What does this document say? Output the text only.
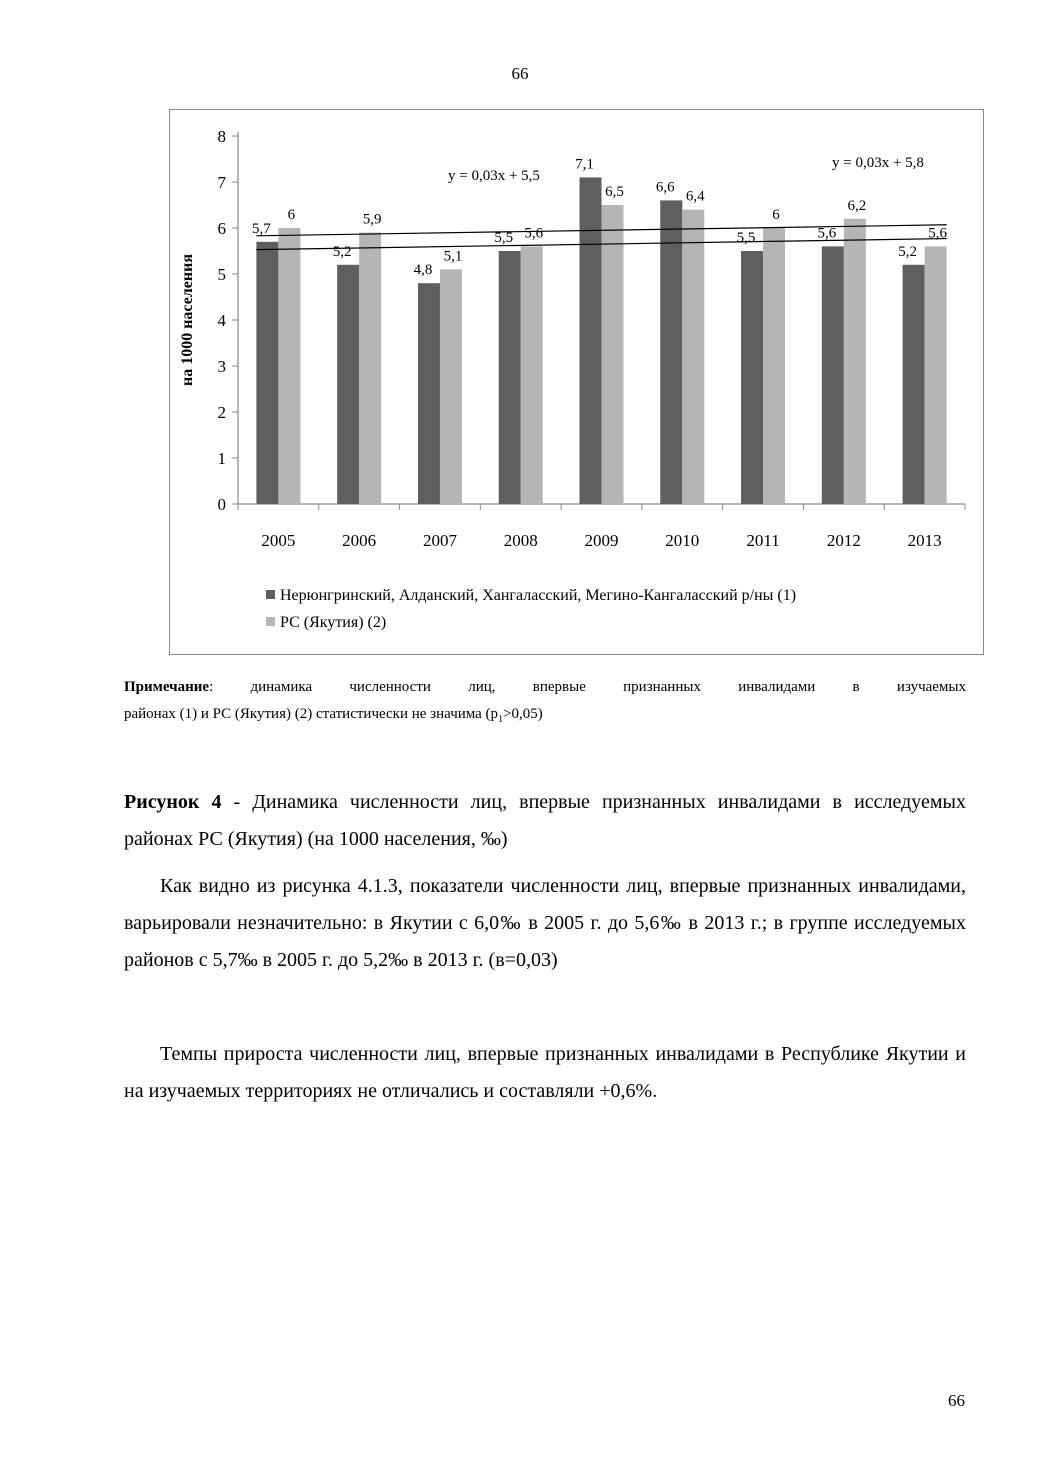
66
0
1
2
3
4
5
6
7
8
на 1000 населения
y = 0,03x + 5,5
y = 0,03x + 5,8
5,7
5,2
4,8
5,5
7,1
6,6
5,5	5,6
5,2
6	5,9
5,1
5,6
6,5	6,4
6
6,2
5,6
2005	2006	2007	2008	2009	2010	2011	2012	2013
Нерюнгринский, Алданский, Хангаласский, Мегино-Кангаласский р/ны (1)
РС (Якутия) (2)
Примечание: динамика численности лиц, впервые признанных инвалидами в изучаемых
районах (1) и РС (Якутия) (2) статистически не значима $(р_1>0,05)$
Рисунок 4 - Динамика численности лиц, впервые признанных инвалидами в исследуемых районах РС (Якутия) (на 1000 населения, ‰)
Как видно из рисунка 4.1.3, показатели численности лиц, впервые признанных инвалидами, варьировали незначительно: в Якутии с 6,0‰ в 2005 г. до 5,6‰ в 2013 г.; в группе исследуемых районов с 5,7‰ в 2005 г. до 5,2‰ в 2013 г. (в=0,03)
Темпы прироста численности лиц, впервые признанных инвалидами в Республике Якутии и на изучаемых территориях не отличались и составляли +0,6%.
66
